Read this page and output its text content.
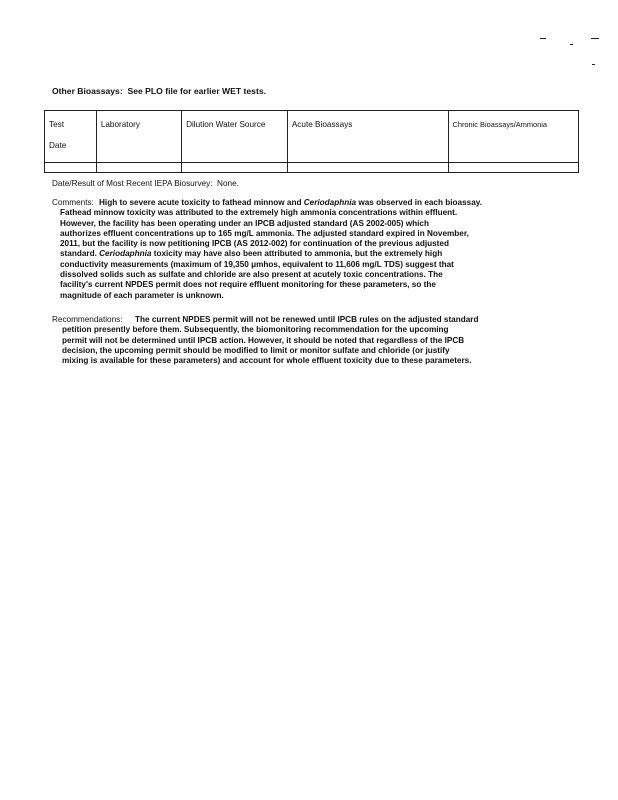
Other Bioassays: See PLO file for earlier WET tests.
Test
Date	Laboratory	Dilution Water Source	Acute Bioassays	Chronic Bioassays/Ammonia

Date/Result of Most Recent IEPA Biosurvey: None.
Comments: High to severe acute toxicity to fathead minnow and Ceriodaphnia was observed in each bioassay.

Fathead minnow toxicity was attributed to the extremely high ammonia concentrations within effluent.

However, the facility has been operating under an IPCB adjusted standard (AS 2002-005) which

authorizes effluent concentrations up to 165 mg/L ammonia. The adjusted standard expired in November,

2011, but the facility is now petitioning IPCB (AS 2012-002) for continuation of the previous adjusted

standard. Ceriodaphnia toxicity may have also been attributed to ammonia, but the extremely high

conductivity measurements (maximum of 19,350 μmhos, equivalent to 11,606 mg/L TDS) suggest that

dissolved solids such as sulfate and chloride are also present at acutely toxic concentrations. The

facility's current NPDES permit does not require effluent monitoring for these parameters, so the

magnitude of each parameter is unknown.

Recommendations: The current NPDES permit will not be renewed until IPCB rules on the adjusted standard

petition presently before them. Subsequently, the biomonitoring recommendation for the upcoming

permit will not be determined until IPCB action. However, it should be noted that regardless of the IPCB

decision, the upcoming permit should be modified to limit or monitor sulfate and chloride (or justify

mixing is available for these parameters) and account for whole effluent toxicity due to these parameters.
